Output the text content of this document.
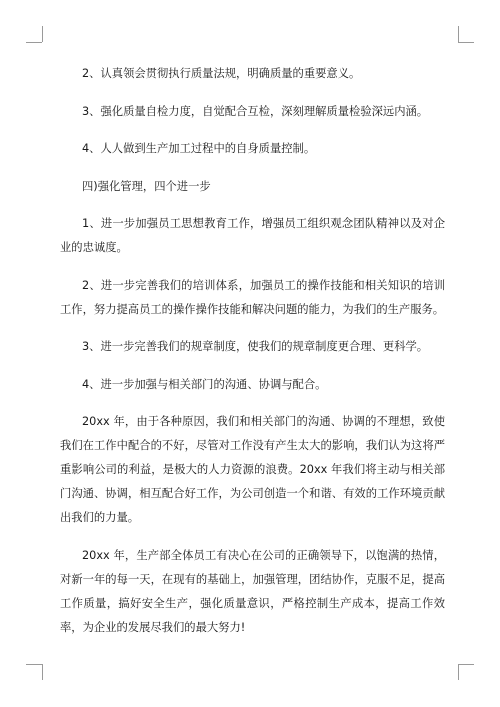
2、认真领会贯彻执行质量法规，明确质量的重要意义。

3、强化质量自检力度，自觉配合互检，深刻理解质量检验深远内涵。

4、人人做到生产加工过程中的自身质量控制。

四)强化管理，四个进一步

1、进一步加强员工思想教育工作，增强员工组织观念团队精神以及对企业的忠诚度。

2、进一步完善我们的培训体系，加强员工的操作技能和相关知识的培训工作，努力提高员工的操作操作技能和解决问题的能力，为我们的生产服务。

3、进一步完善我们的规章制度，使我们的规章制度更合理、更科学。

4、进一步加强与相关部门的沟通、协调与配合。

20xx 年，由于各种原因，我们和相关部门的沟通、协调的不理想，致使我们在工作中配合的不好，尽管对工作没有产生太大的影响，我们认为这将严重影响公司的利益，是极大的人力资源的浪费。20xx 年我们将主动与相关部门沟通、协调，相互配合好工作，为公司创造一个和谐、有效的工作环境贡献出我们的力量。

20xx 年，生产部全体员工有决心在公司的正确领导下，以饱满的热情，对新一年的每一天，在现有的基础上，加强管理，团结协作，克服不足，提高工作质量，搞好安全生产，强化质量意识，严格控制生产成本，提高工作效率，为企业的发展尽我们的最大努力!
